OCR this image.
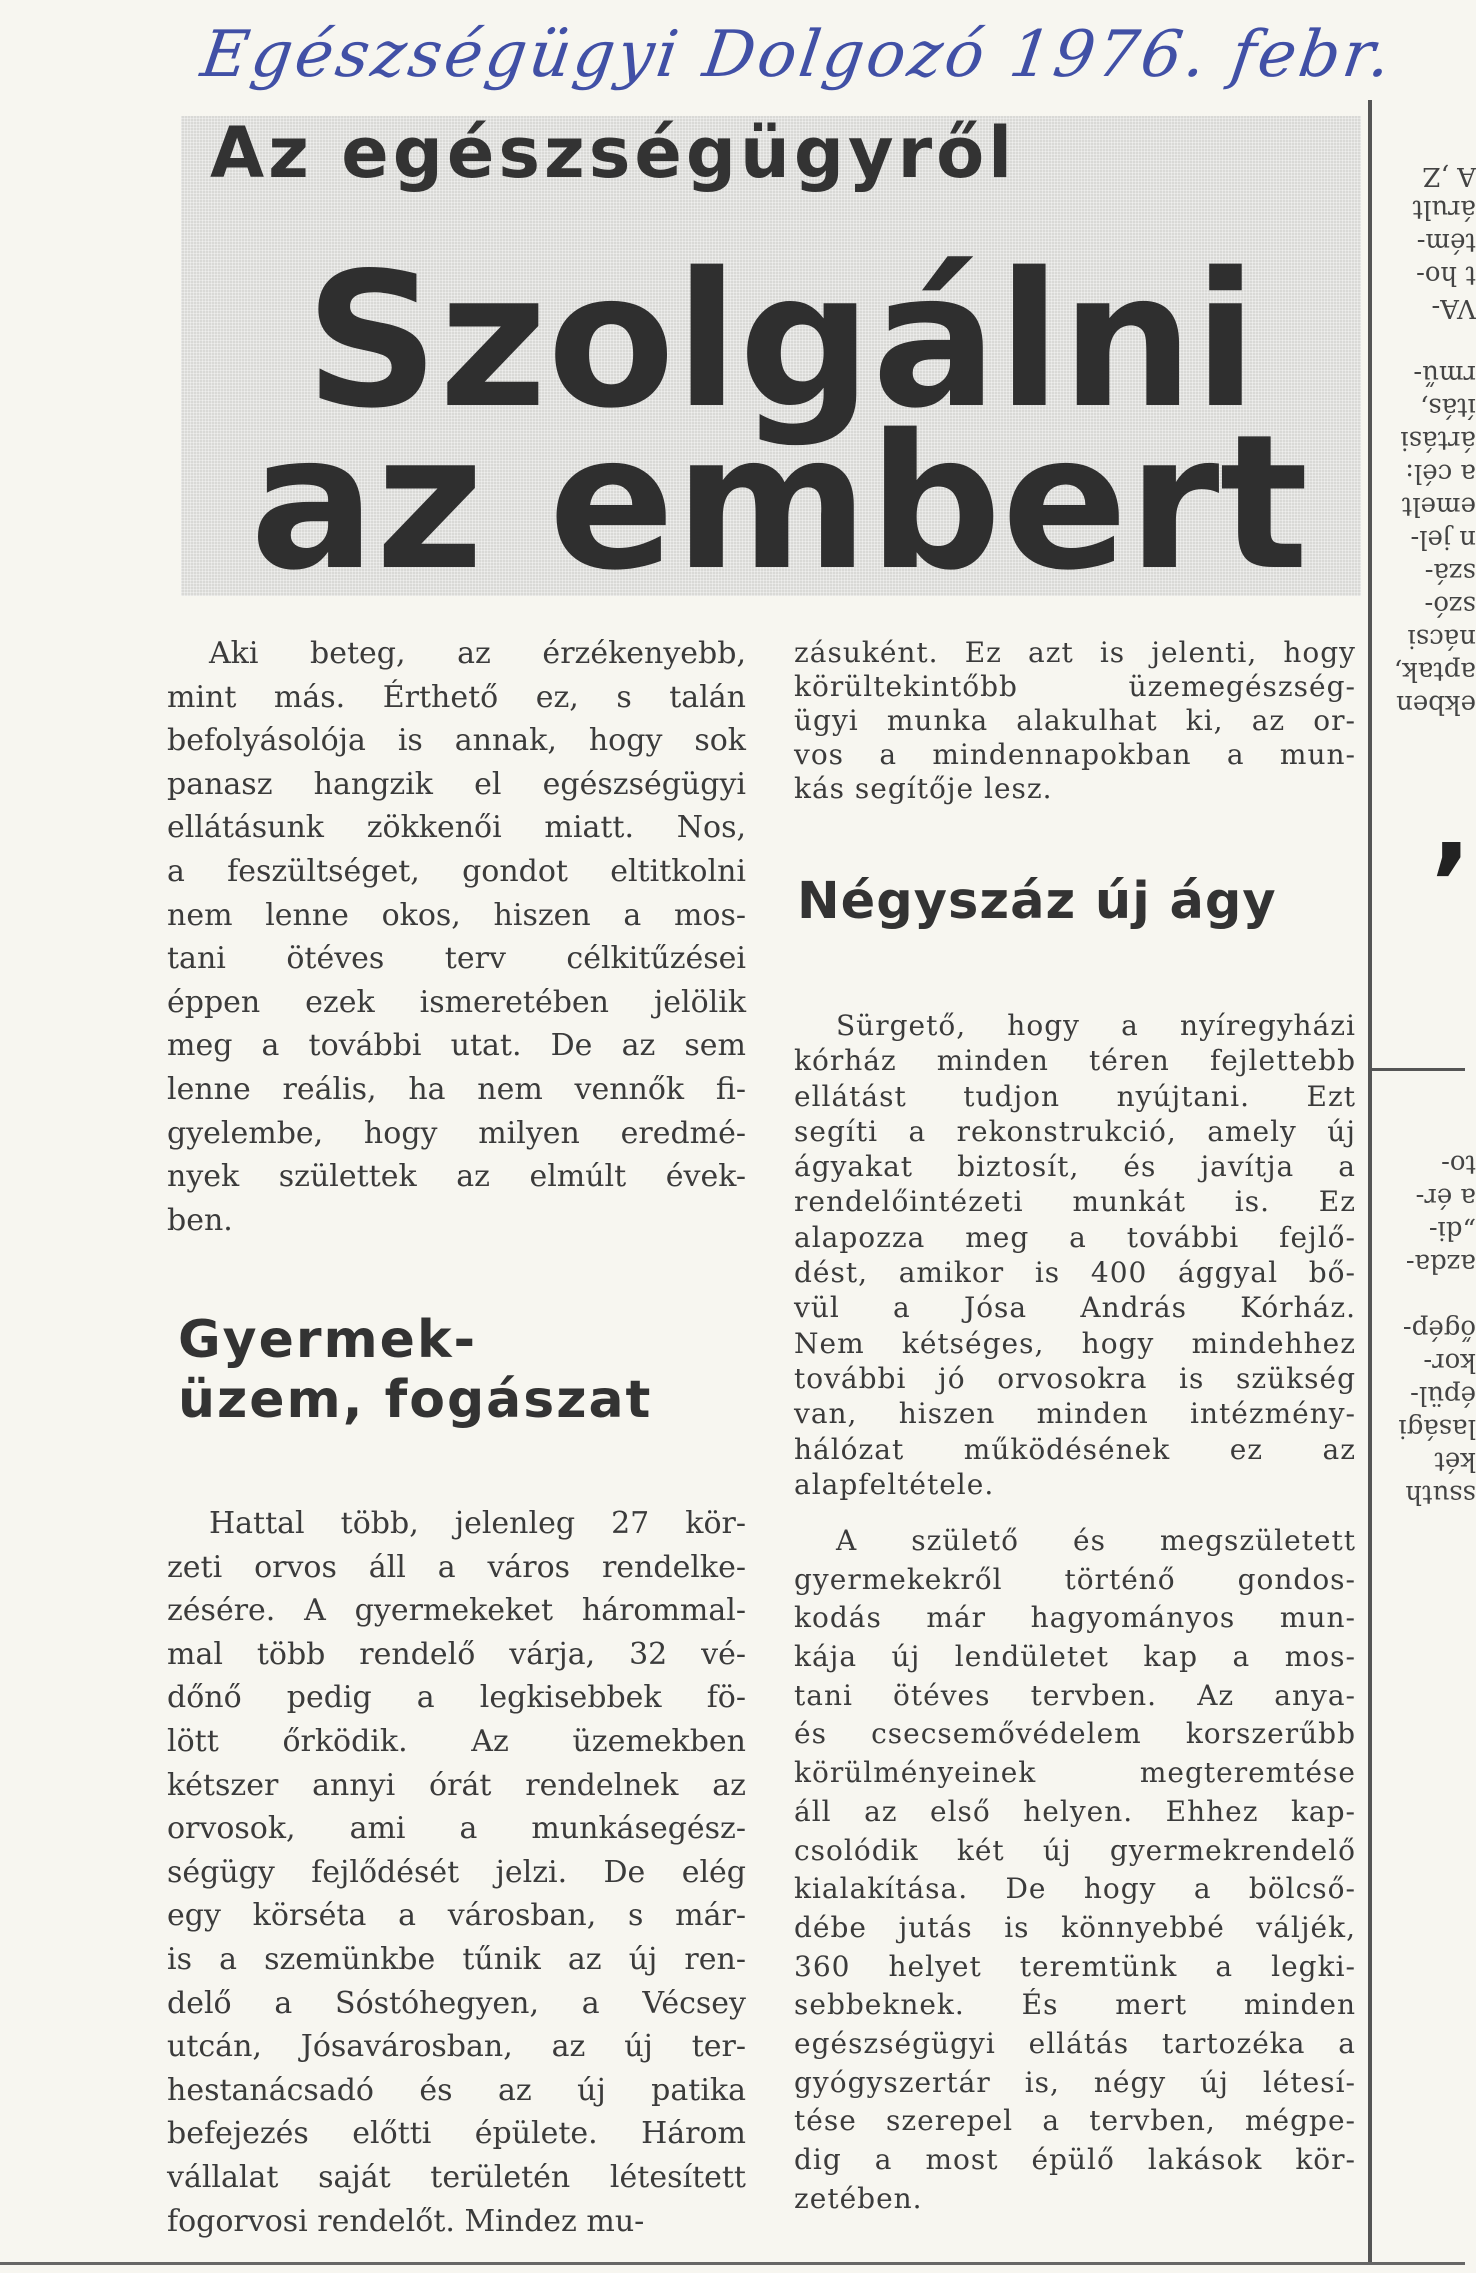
Egészségügyi Dolgozó 1976. febr.
Az egészségügyről
Szolgálni
az embert
Aki beteg, az érzékenyebb,
mint más. Érthető ez, s talán
befolyásolója is annak, hogy sok
panasz hangzik el egészségügyi
ellátásunk zökkenői miatt. Nos,
a feszültséget, gondot eltitkolni
nem lenne okos, hiszen a mos-
tani ötéves terv célkitűzései
éppen ezek ismeretében jelölik
meg a további utat. De az sem
lenne reális, ha nem vennők fi-
gyelembe, hogy milyen eredmé-
nyek születtek az elmúlt évek-
ben.
Gyermek-
üzem, fogászat
Hattal több, jelenleg 27 kör-
zeti orvos áll a város rendelke-
zésére. A gyermekeket hárommal-
mal több rendelő várja, 32 vé-
dőnő pedig a legkisebbek fö-
lött őrködik. Az üzemekben
kétszer annyi órát rendelnek az
orvosok, ami a munkásegész-
ségügy fejlődését jelzi. De elég
egy körséta a városban, s már-
is a szemünkbe tűnik az új ren-
delő a Sóstóhegyen, a Vécsey
utcán, Jósavárosban, az új ter-
hestanácsadó és az új patika
befejezés előtti épülete. Három
vállalat saját területén létesített
fogorvosi rendelőt. Mindez mu-
zásuként. Ez azt is jelenti, hogy
körültekintőbb üzemegészség-
ügyi munka alakulhat ki, az or-
vos a mindennapokban a mun-
kás segítője lesz.
Négyszáz új ágy
Sürgető, hogy a nyíregyházi
kórház minden téren fejlettebb
ellátást tudjon nyújtani. Ezt
segíti a rekonstrukció, amely új
ágyakat biztosít, és javítja a
rendelőintézeti munkát is. Ez
alapozza meg a további fejlő-
dést, amikor is 400 ággyal bő-
vül a Jósa András Kórház.
Nem kétséges, hogy mindehhez
további jó orvosokra is szükség
van, hiszen minden intézmény-
hálózat működésének ez az
alapfeltétele.
A születő és megszületett
gyermekekről történő gondos-
kodás már hagyományos mun-
kája új lendületet kap a mos-
tani ötéves tervben. Az anya-
és csecsemővédelem korszerűbb
körülményeinek megteremtése
áll az első helyen. Ehhez kap-
csolódik két új gyermekrendelő
kialakítása. De hogy a bölcső-
débe jutás is könnyebbé váljék,
360 helyet teremtünk a legki-
sebbeknek. És mert minden
egészségügyi ellátás tartozéka a
gyógyszertár is, négy új létesí-
tése szerepel a tervben, mégpe-
dig a most épülő lakások kör-
zetében.
ekben
aptak,
nácsi
szó-
szá-
n jel-
emelt
a cél:
ártási
ítás,
rmű-
VA-
t ho-
tém-
árult
A ,Z
‘
ssuth
két
lasági
épül-
kor-
őgép-
azda-
„di-
a ér-
to-
